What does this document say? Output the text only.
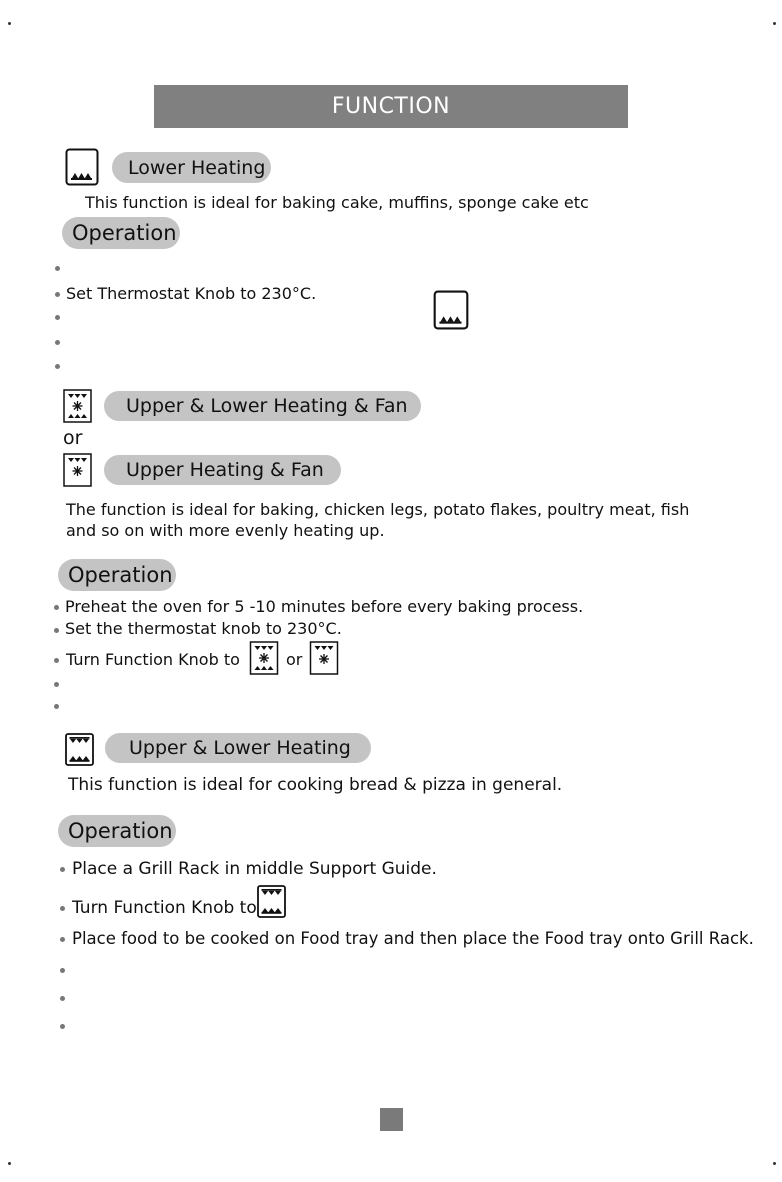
FUNCTION
Lower Heating
This function is ideal for baking cake, muffins, sponge cake etc
Operation
Set Thermostat Knob to 230°C.
Upper & Lower Heating & Fan
or
Upper Heating & Fan
The function is ideal for baking, chicken legs, potato flakes, poultry meat, fish
and so on with more evenly heating up.
Operation
Preheat the oven for 5 -10 minutes before every baking process.
Set the thermostat knob to 230°C.
Turn Function Knob to	or
Upper & Lower Heating
This function is ideal for cooking bread & pizza in general.
Operation
Place a Grill Rack in middle Support Guide.
Turn Function Knob to
Place food to be cooked on Food tray and then place the Food tray onto Grill Rack.
